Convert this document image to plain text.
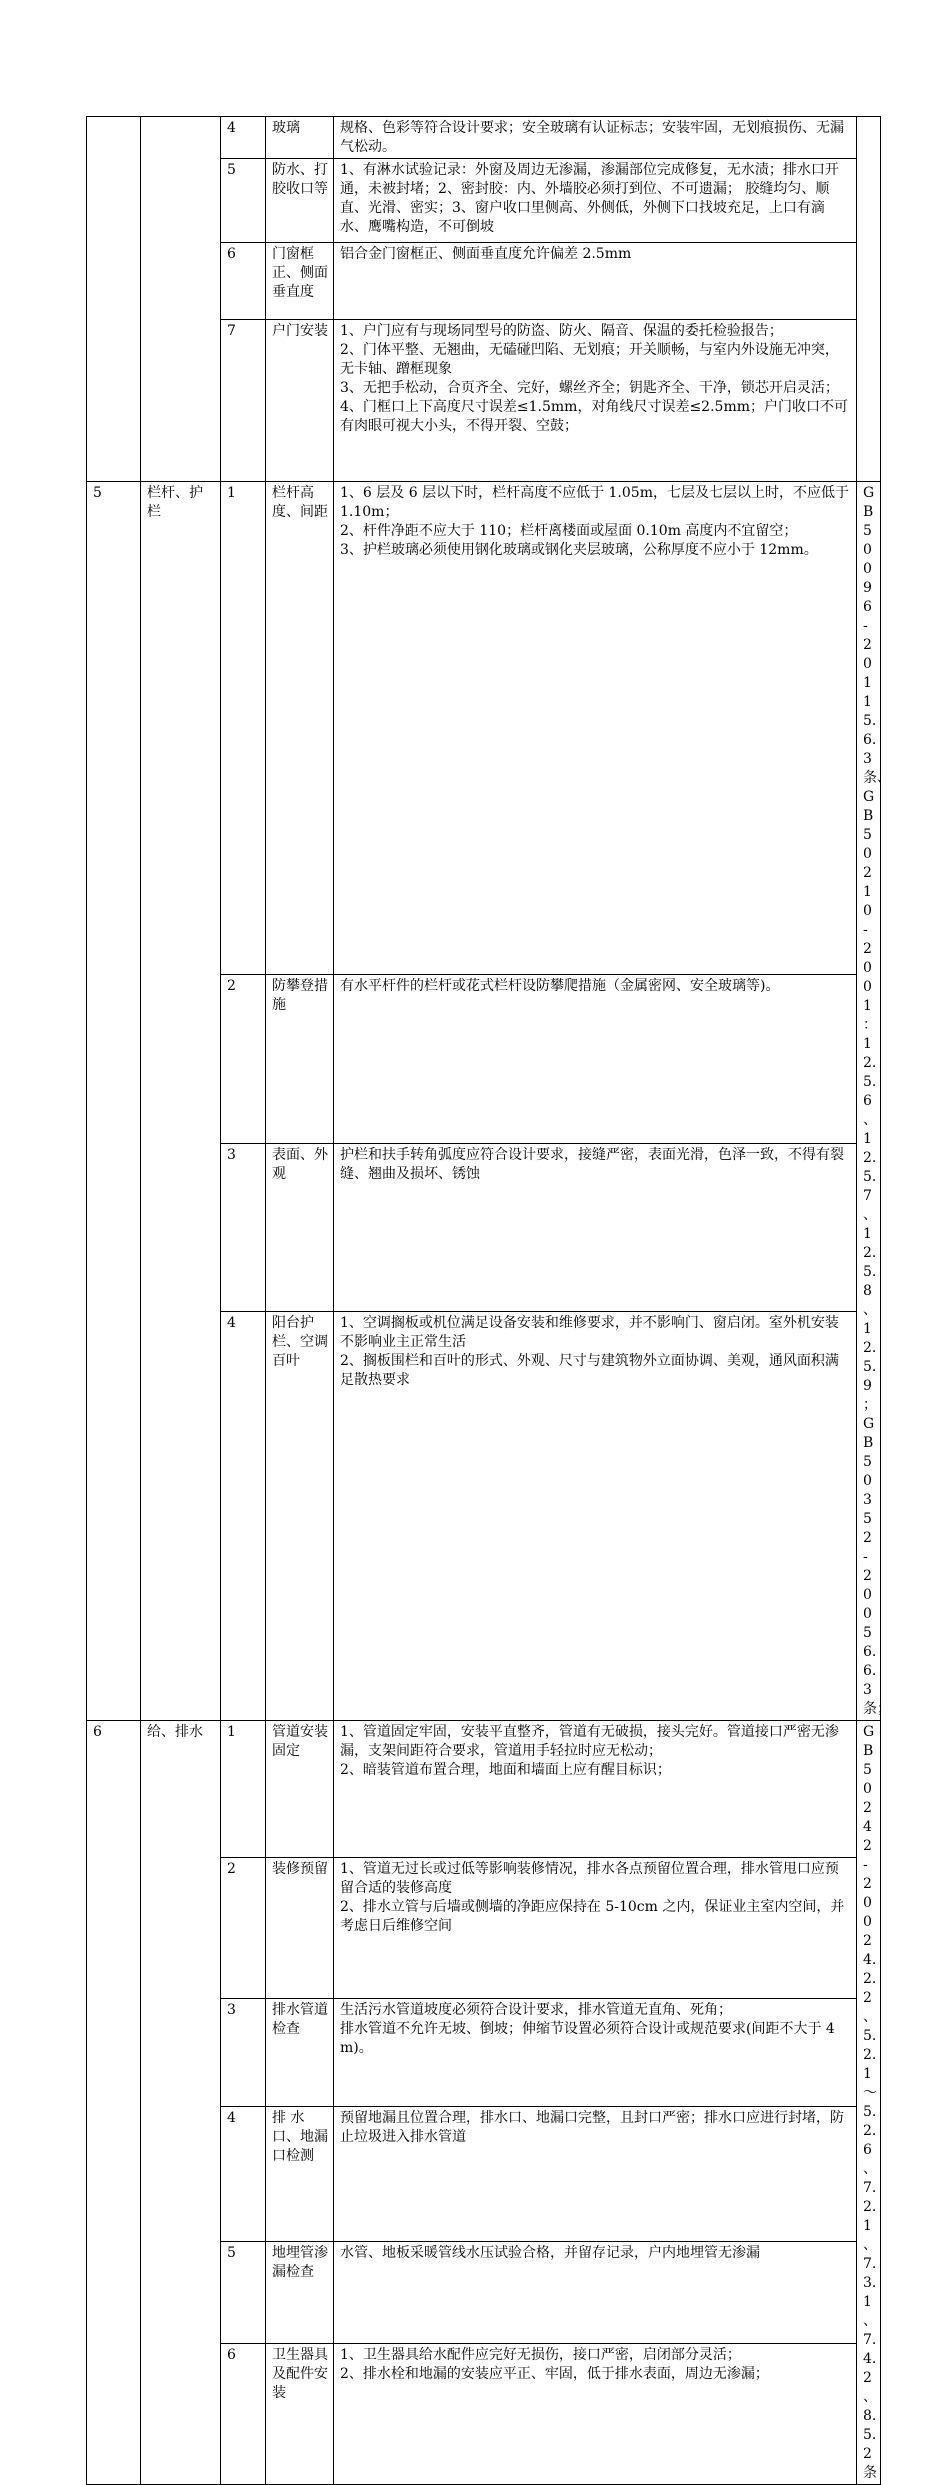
		4	玻璃	规格、色彩等符合设计要求；安全玻璃有认证标志；安装牢固，无划痕损伤、无漏气松动。	

		5	防水、打胶收口等	1、有淋水试验记录：外窗及周边无渗漏，渗漏部位完成修复，无水渍；排水口开通，未被封堵；2、密封胶：内、外墙胶必须打到位、不可遗漏； 胶缝均匀、顺直、光滑、密实；3、窗户收口里侧高、外侧低，外侧下口找坡充足，上口有滴水、鹰嘴构造，不可倒坡	

		6	门窗框正、侧面垂直度	铝合金门窗框正、侧面垂直度允许偏差 2.5mm	

		7	户门安装	1、户门应有与现场同型号的防盗、防火、隔音、保温的委托检验报告；
2、门体平整、无翘曲，无磕碰凹陷、无划痕；开关顺畅，与室内外设施无冲突，无卡轴、蹭框现象
3、无把手松动，合页齐全、完好，螺丝齐全；钥匙齐全、干净，锁芯开启灵活；
4、门框口上下高度尺寸误差≤1.5mm，对角线尺寸误差≤2.5mm；户门收口不可有肉眼可视大小头，不得开裂、空鼓；	

5	栏杆、护栏	1	栏杆高度、间距	1、6 层及 6 层以下时，栏杆高度不应低于 1.05m，七层及七层以上时，不应低于 1.10m；
2、杆件净距不应大于 110；栏杆离楼面或屋面 0.10m 高度内不宜留空；
3、护栏玻璃必须使用钢化玻璃或钢化夹层玻璃，公称厚度不应小于 12mm。	GB50096-2011 5.6.3 条、GB50210-2001 ：12.5.6 、12.5.7 、12.5.8 、12.5.9 ；GB50352-2005 6.6.3 条；
		2	防攀登措施	有水平杆件的栏杆或花式栏杆设防攀爬措施（金属密网、安全玻璃等)。	

		3	表面、外观	护栏和扶手转角弧度应符合设计要求，接缝严密，表面光滑，色泽一致，不得有裂缝、翘曲及损坏、锈蚀	

		4	阳台护栏、空调百叶	1、空调搁板或机位满足设备安装和维修要求，并不影响门、窗启闭。室外机安装不影响业主正常生活
2、搁板围栏和百叶的形式、外观、尺寸与建筑物外立面协调、美观，通风面积满足散热要求	

6	给、排水	1	管道安装固定	1、管道固定牢固，安装平直整齐，管道有无破损，接头完好。管道接口严密无渗漏，支架间距符合要求，管道用手轻拉时应无松动；
2、暗装管道布置合理，地面和墙面上应有醒目标识；	GB50242-2002 4.2.2 、5.2.1 ～ 5.2.6 、7.2.1 、7.3.1 、7.4.2 、8.5.2 条
		2	装修预留	1、管道无过长或过低等影响装修情况，排水各点预留位置合理，排水管甩口应预留合适的装修高度
2、排水立管与后墙或侧墙的净距应保持在 5-10cm 之内，保证业主室内空间，并考虑日后维修空间	

		3	排水管道检查	生活污水管道坡度必须符合设计要求，排水管道无直角、死角；
排水管道不允许无坡、倒坡；伸缩节设置必须符合设计或规范要求(间距不大于 4m)。	

		4	排 水口、地漏口检测	预留地漏且位置合理，排水口、地漏口完整，且封口严密；排水口应进行封堵，防止垃圾进入排水管道	

		5	地埋管渗漏检查	水管、地板采暖管线水压试验合格，并留存记录，户内地埋管无渗漏	

		6	卫生器具及配件安装	1、卫生器具给水配件应完好无损伤，接口严密，启闭部分灵活；
2、排水栓和地漏的安装应平正、牢固，低于排水表面，周边无渗漏；	
